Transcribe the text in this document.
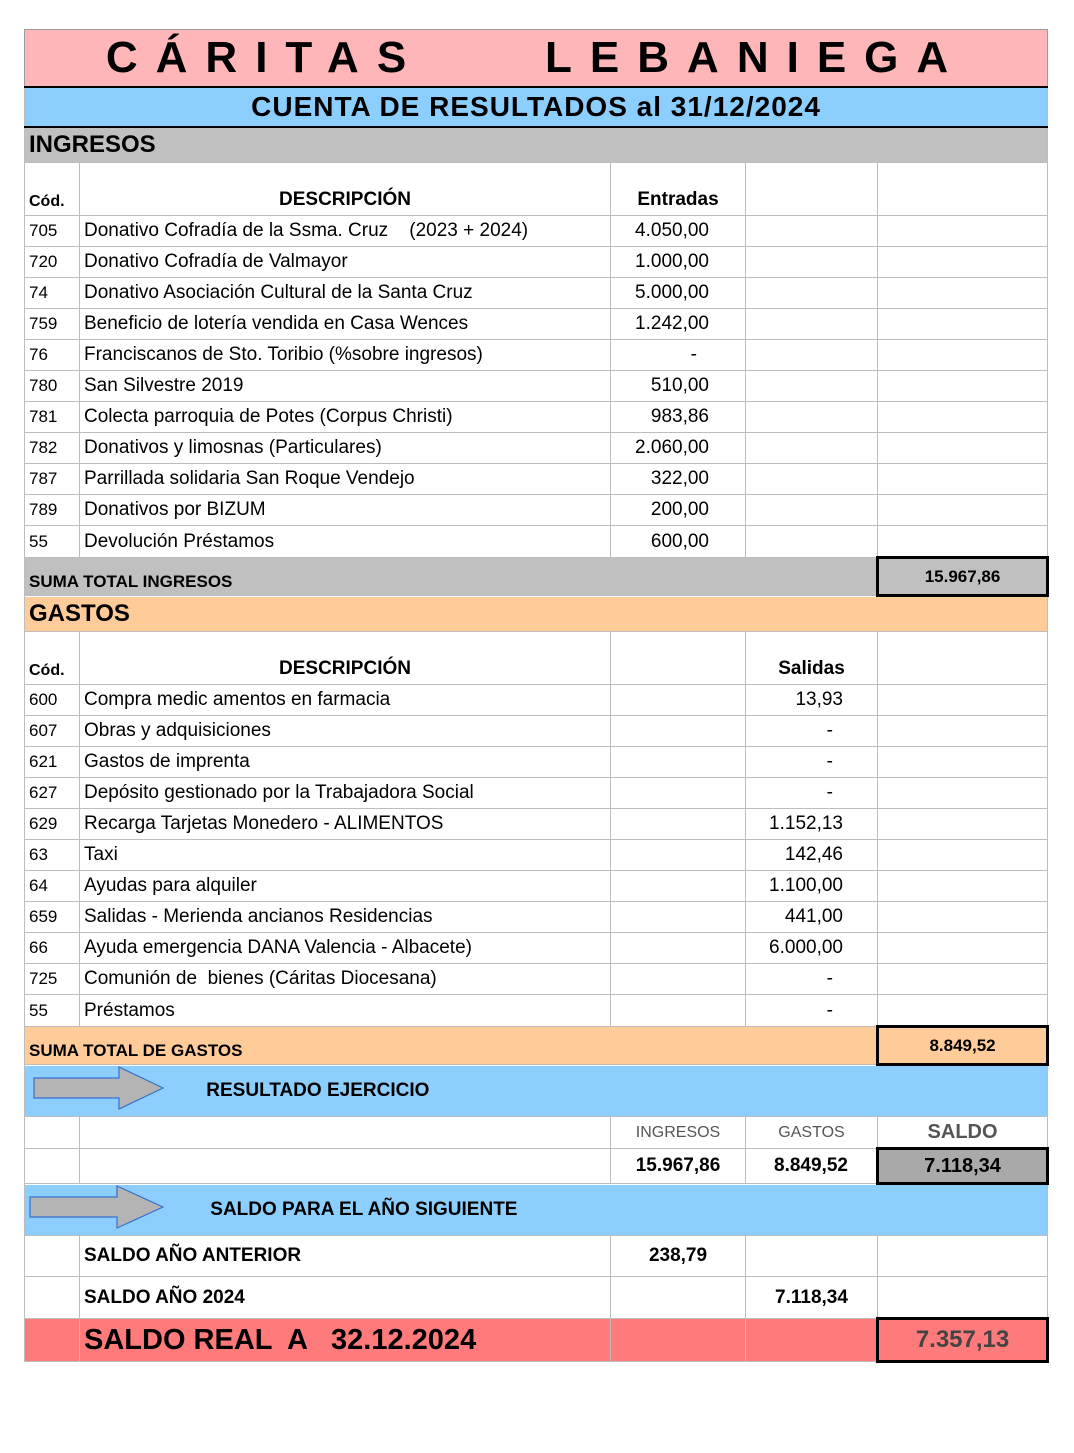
CÁRITAS    LEBANIEGA				
CUENTA DE RESULTADOS al 31/12/2024				
INGRESOS				
Cód.	DESCRIPCIÓN	Entradas		
705	Donativo Cofradía de la Ssma. Cruz    (2023 + 2024)	4.050,00		
720	Donativo Cofradía de Valmayor	1.000,00		
74	Donativo Asociación Cultural de la Santa Cruz	5.000,00		
759	Beneficio de lotería vendida en Casa Wences	1.242,00		
76	Franciscanos de Sto. Toribio (%sobre ingresos)	-		
780	San Silvestre 2019	510,00		
781	Colecta parroquia de Potes (Corpus Christi)	983,86		
782	Donativos y limosnas (Particulares)	2.060,00		
787	Parrillada solidaria San Roque Vendejo	322,00		
789	Donativos por BIZUM	200,00		
55	Devolución Préstamos	600,00		
SUMA TOTAL INGRESOS				15.967,86
GASTOS				
Cód.	DESCRIPCIÓN		Salidas	
600	Compra medic amentos en farmacia		13,93	
607	Obras y adquisiciones		-	
621	Gastos de imprenta		-	
627	Depósito gestionado por la Trabajadora Social		-	
629	Recarga Tarjetas Monedero - ALIMENTOS		1.152,13	
63	Taxi		142,46	
64	Ayudas para alquiler		1.100,00	
659	Salidas - Merienda ancianos Residencias		441,00	
66	Ayuda emergencia DANA Valencia - Albacete)		6.000,00	
725	Comunión de  bienes (Cáritas Diocesana)		-	
55	Préstamos		-	
SUMA TOTAL DE GASTOS				8.849,52
RESULTADO EJERCICIO				
		INGRESOS	GASTOS	SALDO
		15.967,86	8.849,52	7.118,34
SALDO PARA EL AÑO SIGUIENTE				
	SALDO AÑO ANTERIOR	238,79		
	SALDO AÑO 2024		7.118,34	
	SALDO REAL  A   32.12.2024			7.357,13
